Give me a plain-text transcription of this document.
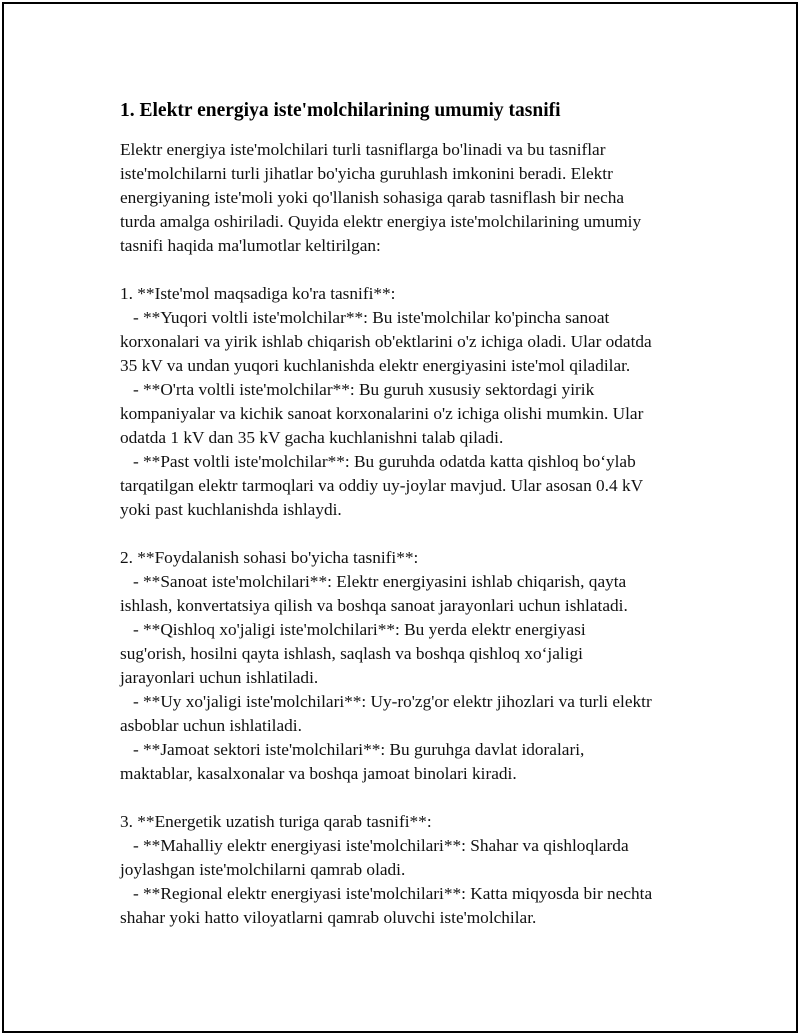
1. Elektr energiya iste'molchilarining umumiy tasnifi
Elektr energiya iste'molchilari turli tasniflarga bo'linadi va bu tasniflar
iste'molchilarni turli jihatlar bo'yicha guruhlash imkonini beradi. Elektr
energiyaning iste'moli yoki qo'llanish sohasiga qarab tasniflash bir necha
turda amalga oshiriladi. Quyida elektr energiya iste'molchilarining umumiy
tasnifi haqida ma'lumotlar keltirilgan:
1. **Iste'mol maqsadiga ko'ra tasnifi**:
- **Yuqori voltli iste'molchilar**: Bu iste'molchilar ko'pincha sanoat
korxonalari va yirik ishlab chiqarish ob'ektlarini o'z ichiga oladi. Ular odatda
35 kV va undan yuqori kuchlanishda elektr energiyasini iste'mol qiladilar.
- **O'rta voltli iste'molchilar**: Bu guruh xususiy sektordagi yirik
kompaniyalar va kichik sanoat korxonalarini o'z ichiga olishi mumkin. Ular
odatda 1 kV dan 35 kV gacha kuchlanishni talab qiladi.
- **Past voltli iste'molchilar**: Bu guruhda odatda katta qishloq bo‘ylab
tarqatilgan elektr tarmoqlari va oddiy uy-joylar mavjud. Ular asosan 0.4 kV
yoki past kuchlanishda ishlaydi.
2. **Foydalanish sohasi bo'yicha tasnifi**:
- **Sanoat iste'molchilari**: Elektr energiyasini ishlab chiqarish, qayta
ishlash, konvertatsiya qilish va boshqa sanoat jarayonlari uchun ishlatadi.
- **Qishloq xo'jaligi iste'molchilari**: Bu yerda elektr energiyasi
sug'orish, hosilni qayta ishlash, saqlash va boshqa qishloq xo‘jaligi
jarayonlari uchun ishlatiladi.
- **Uy xo'jaligi iste'molchilari**: Uy-ro'zg'or elektr jihozlari va turli elektr
asboblar uchun ishlatiladi.
- **Jamoat sektori iste'molchilari**: Bu guruhga davlat idoralari,
maktablar, kasalxonalar va boshqa jamoat binolari kiradi.
3. **Energetik uzatish turiga qarab tasnifi**:
- **Mahalliy elektr energiyasi iste'molchilari**: Shahar va qishloqlarda
joylashgan iste'molchilarni qamrab oladi.
- **Regional elektr energiyasi iste'molchilari**: Katta miqyosda bir nechta
shahar yoki hatto viloyatlarni qamrab oluvchi iste'molchilar.
